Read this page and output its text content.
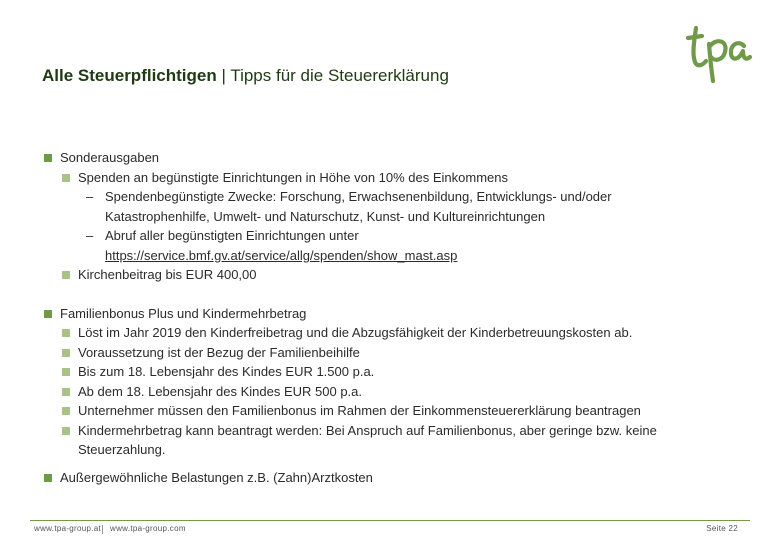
Alle Steuerpflichtigen | Tipps für die Steuererklärung
Sonderausgaben
Spenden an begünstigte Einrichtungen in Höhe von 10% des Einkommens
– Spendenbegünstigte Zwecke: Forschung, Erwachsenenbildung, Entwicklungs- und/oder
Katastrophenhilfe, Umwelt- und Naturschutz, Kunst- und Kultureinrichtungen
– Abruf aller begünstigten Einrichtungen unter
https://service.bmf.gv.at/service/allg/spenden/show_mast.asp
Kirchenbeitrag bis EUR 400,00
Familienbonus Plus und Kindermehrbetrag
Löst im Jahr 2019 den Kinderfreibetrag und die Abzugsfähigkeit der Kinderbetreuungskosten ab.
Voraussetzung ist der Bezug der Familienbeihilfe
Bis zum 18. Lebensjahr des Kindes EUR 1.500 p.a.
Ab dem 18. Lebensjahr des Kindes EUR 500 p.a.
Unternehmer müssen den Familienbonus im Rahmen der Einkommensteuererklärung beantragen
Kindermehrbetrag kann beantragt werden: Bei Anspruch auf Familienbonus, aber geringe bzw. keine
Steuerzahlung.
Außergewöhnliche Belastungen z.B. (Zahn)Arztkosten
www.tpa-group.at www.tpa-group.com	Seite 22
